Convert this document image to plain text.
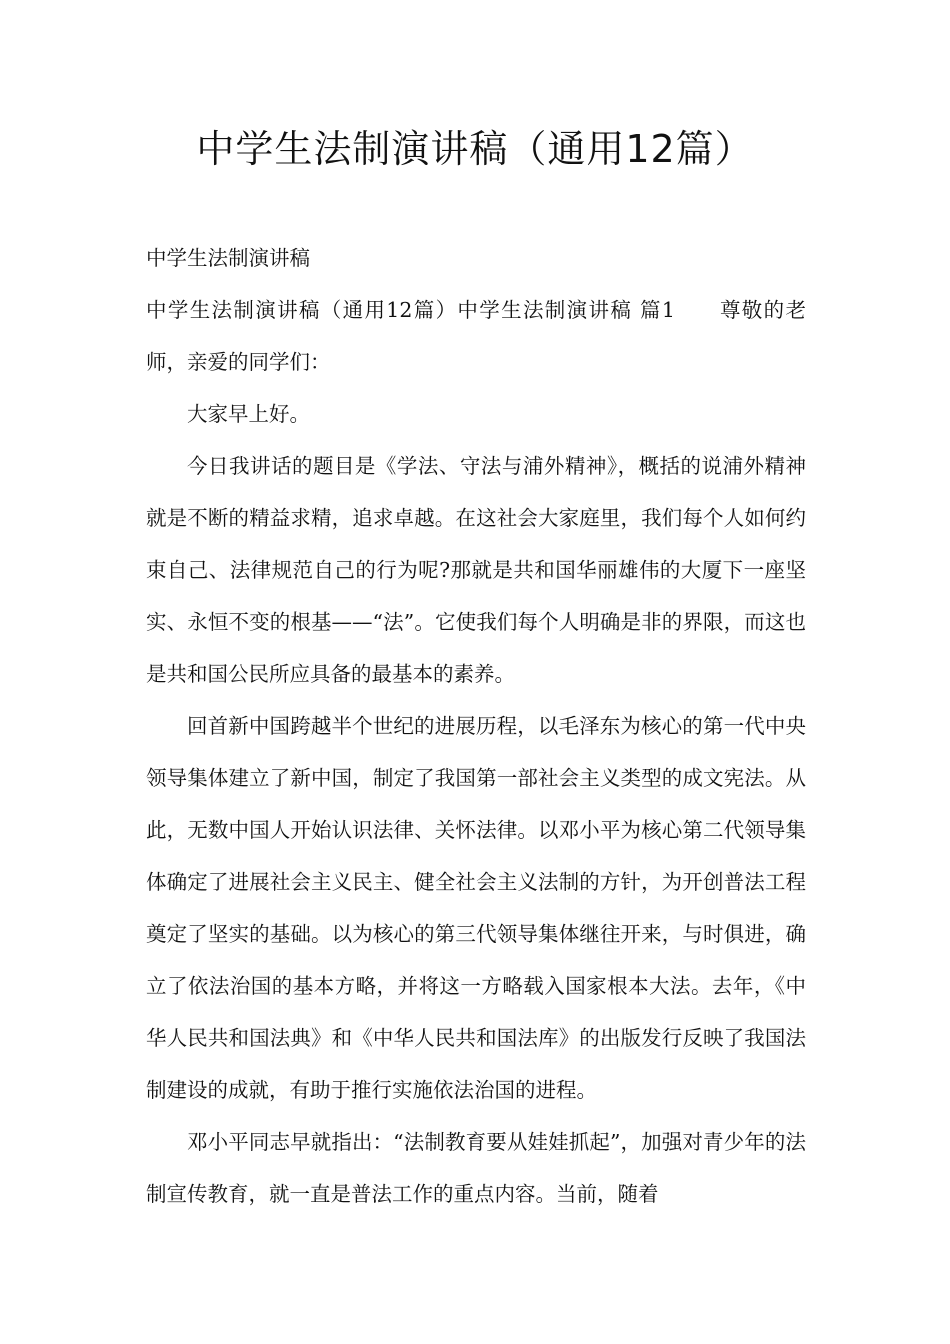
中学生法制演讲稿（通用12篇）

中学生法制演讲稿

中学生法制演讲稿（通用12篇）中学生法制演讲稿 篇1　　尊敬的老师，亲爱的同学们：

大家早上好。

今日我讲话的题目是《学法、守法与浦外精神》，概括的说浦外精神就是不断的精益求精，追求卓越。在这社会大家庭里，我们每个人如何约束自己、法律规范自己的行为呢?那就是共和国华丽雄伟的大厦下一座坚实、永恒不变的根基——“法”。它使我们每个人明确是非的界限，而这也是共和国公民所应具备的最基本的素养。

回首新中国跨越半个世纪的进展历程，以毛泽东为核心的第一代中央领导集体建立了新中国，制定了我国第一部社会主义类型的成文宪法。从此，无数中国人开始认识法律、关怀法律。以邓小平为核心第二代领导集体确定了进展社会主义民主、健全社会主义法制的方针，为开创普法工程奠定了坚实的基础。以为核心的第三代领导集体继往开来，与时俱进，确立了依法治国的基本方略，并将这一方略载入国家根本大法。去年，《中华人民共和国法典》和《中华人民共和国法库》的出版发行反映了我国法制建设的成就，有助于推行实施依法治国的进程。

邓小平同志早就指出：“法制教育要从娃娃抓起”，加强对青少年的法制宣传教育，就一直是普法工作的重点内容。当前，随着
